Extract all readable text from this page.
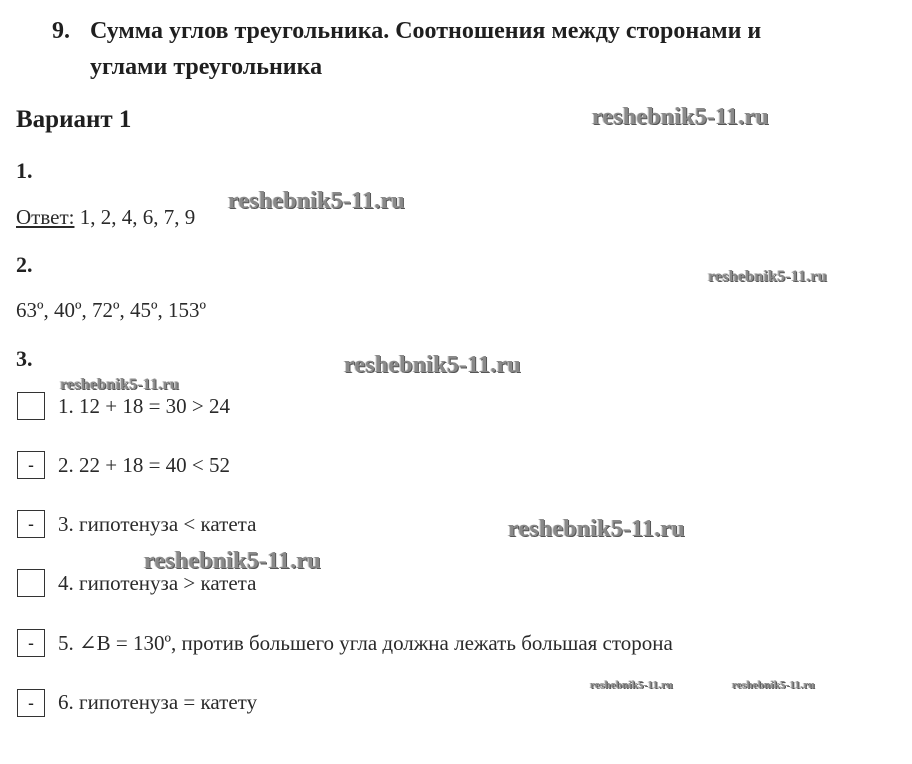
9. Сумма углов треугольника. Соотношения между сторонами и
углами треугольника
Вариант 1
1.
Ответ: 1, 2, 4, 6, 7, 9
2.
63º, 40º, 72º, 45º, 153º
3.
1. 12 + 18 = 30 > 24
-	2. 22 + 18 = 40 < 52
-	3. гипотенуза < катета
4. гипотенуза > катета
-	5. ∠B = 130º, против большего угла должна лежать большая сторона
-	6. гипотенуза = катету
reshebnik5-11.ru
reshebnik5-11.ru
reshebnik5-11.ru
reshebnik5-11.ru
reshebnik5-11.ru
reshebnik5-11.ru
reshebnik5-11.ru
reshebnik5-11.ru	reshebnik5-11.ru
